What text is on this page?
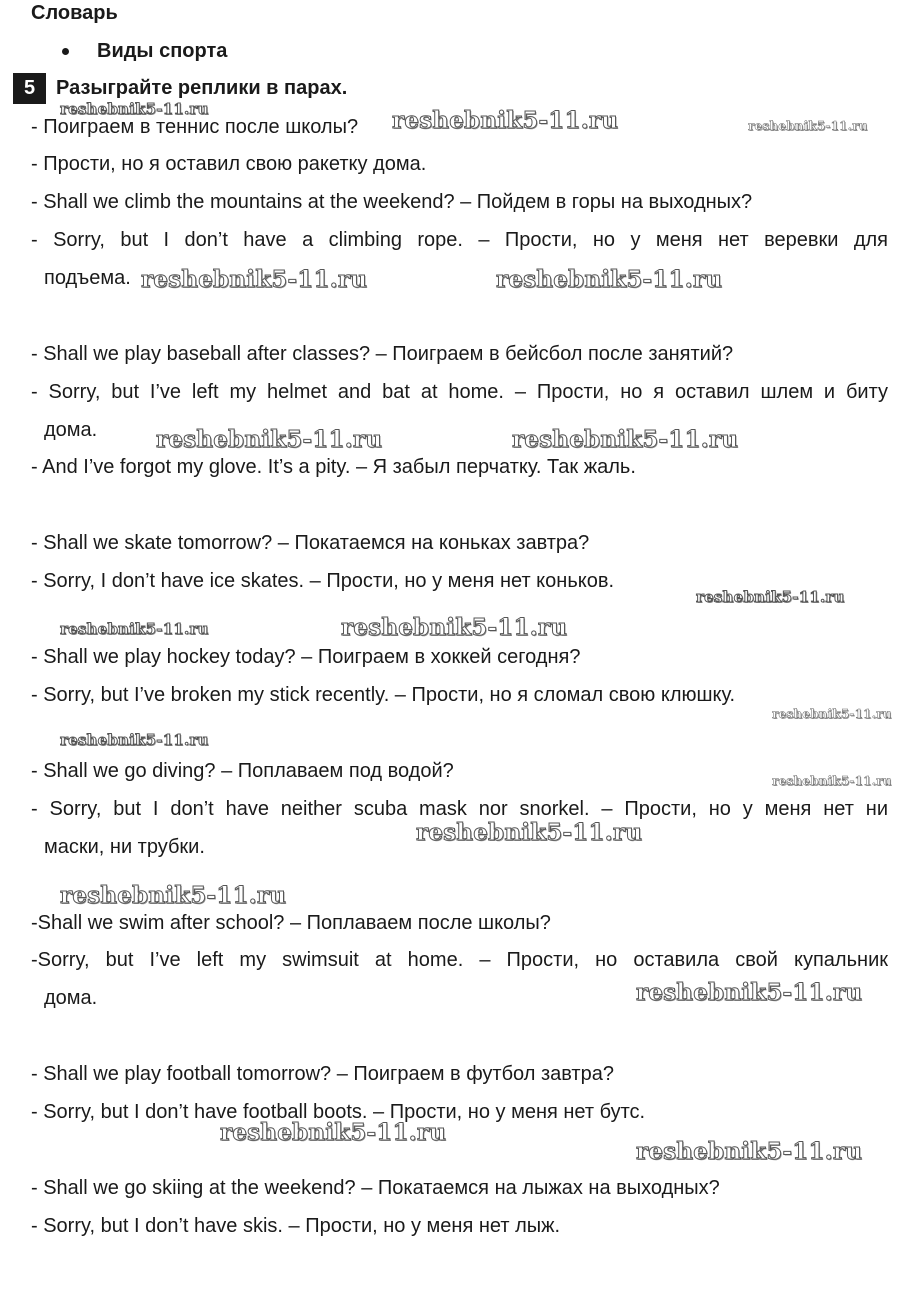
Словарь
Виды спорта
5	Разыграйте реплики в парах.
- Поиграем в теннис после школы?
- Прости, но я оставил свою ракетку дома.
- Shall we climb the mountains at the weekend? – Пойдем в горы на выходных?
- Sorry, but I don’t have a climbing rope. – Прости, но у меня нет веревки для
подъема.
- Shall we play baseball after classes? – Поиграем в бейсбол после занятий?
- Sorry, but I’ve left my helmet and bat at home. – Прости, но я оставил шлем и биту
дома.
- And I’ve forgot my glove. It’s a pity. – Я забыл перчатку. Так жаль.
- Shall we skate tomorrow? – Покатаемся на коньках завтра?
- Sorry, I don’t have ice skates. – Прости, но у меня нет коньков.
- Shall we play hockey today? – Поиграем в хоккей сегодня?
- Sorry, but I’ve broken my stick recently. – Прости, но я сломал свою клюшку.
- Shall we go diving? – Поплаваем под водой?
- Sorry, but I don’t have neither scuba mask nor snorkel. – Прости, но у меня нет ни
маски, ни трубки.
-Shall we swim after school? – Поплаваем после школы?
-Sorry, but I’ve left my swimsuit at home. – Прости, но оставила свой купальник
дома.
- Shall we play football tomorrow? – Поиграем в футбол завтра?
- Sorry, but I don’t have football boots. – Прости, но у меня нет бутс.
- Shall we go skiing at the weekend? – Покатаемся на лыжах на выходных?
- Sorry, but I don’t have skis. – Прости, но у меня нет лыж.
reshebnik5-11.ru	reshebnik5-11.ru	reshebnik5-11.ru
reshebnik5-11.ru	reshebnik5-11.ru
reshebnik5-11.ru	reshebnik5-11.ru
reshebnik5-11.ru
reshebnik5-11.ru	reshebnik5-11.ru
reshebnik5-11.ru
reshebnik5-11.ru
reshebnik5-11.ru
reshebnik5-11.ru
reshebnik5-11.ru
reshebnik5-11.ru
reshebnik5-11.ru
reshebnik5-11.ru
